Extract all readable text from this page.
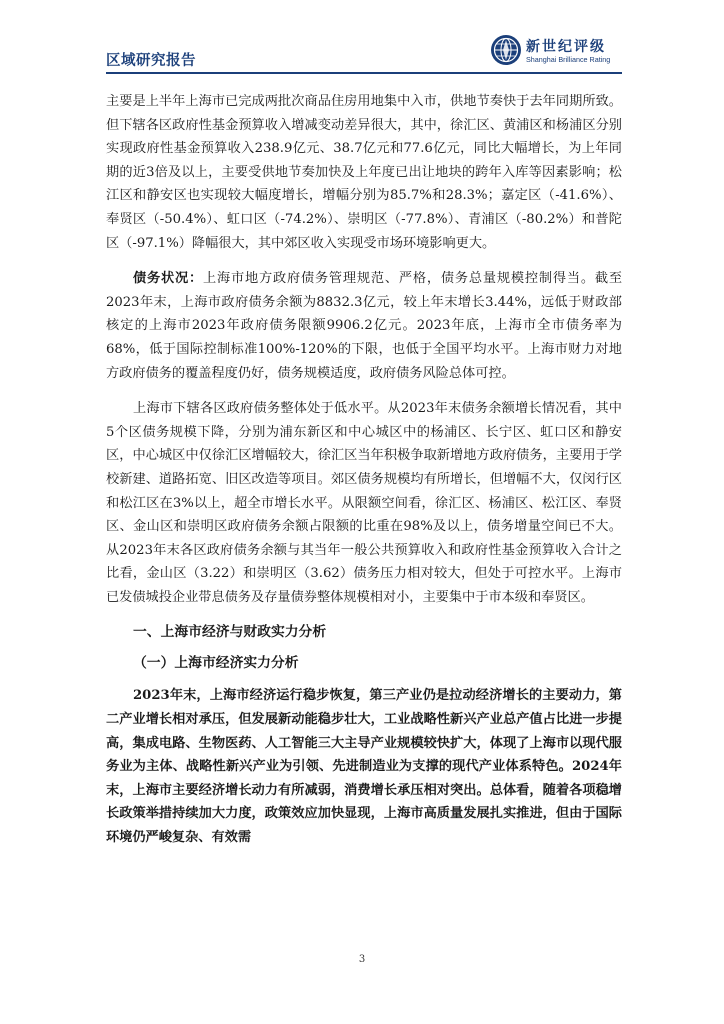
区域研究报告
新世纪评级
Shanghai Brilliance Rating

主要是上半年上海市已完成两批次商品住房用地集中入市，供地节奏快于去年同期所致。但下辖各区政府性基金预算收入增减变动差异很大，其中，徐汇区、黄浦区和杨浦区分别实现政府性基金预算收入238.9亿元、38.7亿元和77.6亿元，同比大幅增长，为上年同期的近3倍及以上，主要受供地节奏加快及上年度已出让地块的跨年入库等因素影响；松江区和静安区也实现较大幅度增长，增幅分别为85.7%和28.3%；嘉定区（-41.6%）、奉贤区（-50.4%）、虹口区（-74.2%）、崇明区（-77.8%）、青浦区（-80.2%）和普陀区（-97.1%）降幅很大，其中郊区收入实现受市场环境影响更大。

债务状况：上海市地方政府债务管理规范、严格，债务总量规模控制得当。截至2023年末，上海市政府债务余额为8832.3亿元，较上年末增长3.44%，远低于财政部核定的上海市2023年政府债务限额9906.2亿元。2023年底，上海市全市债务率为68%，低于国际控制标准100%-120%的下限，也低于全国平均水平。上海市财力对地方政府债务的覆盖程度仍好，债务规模适度，政府债务风险总体可控。

上海市下辖各区政府债务整体处于低水平。从2023年末债务余额增长情况看，其中5个区债务规模下降，分别为浦东新区和中心城区中的杨浦区、长宁区、虹口区和静安区，中心城区中仅徐汇区增幅较大，徐汇区当年积极争取新增地方政府债务，主要用于学校新建、道路拓宽、旧区改造等项目。郊区债务规模均有所增长，但增幅不大，仅闵行区和松江区在3%以上，超全市增长水平。从限额空间看，徐汇区、杨浦区、松江区、奉贤区、金山区和崇明区政府债务余额占限额的比重在98%及以上，债务增量空间已不大。从2023年末各区政府债务余额与其当年一般公共预算收入和政府性基金预算收入合计之比看，金山区（3.22）和崇明区（3.62）债务压力相对较大，但处于可控水平。上海市已发债城投企业带息债务及存量债券整体规模相对小，主要集中于市本级和奉贤区。

一、上海市经济与财政实力分析

（一）上海市经济实力分析

2023年末，上海市经济运行稳步恢复，第三产业仍是拉动经济增长的主要动力，第二产业增长相对承压，但发展新动能稳步壮大，工业战略性新兴产业总产值占比进一步提高，集成电路、生物医药、人工智能三大主导产业规模较快扩大，体现了上海市以现代服务业为主体、战略性新兴产业为引领、先进制造业为支撑的现代产业体系特色。2024年末，上海市主要经济增长动力有所减弱，消费增长承压相对突出。总体看，随着各项稳增长政策举措持续加大力度，政策效应加快显现，上海市高质量发展扎实推进，但由于国际环境仍严峻复杂、有效需

3
